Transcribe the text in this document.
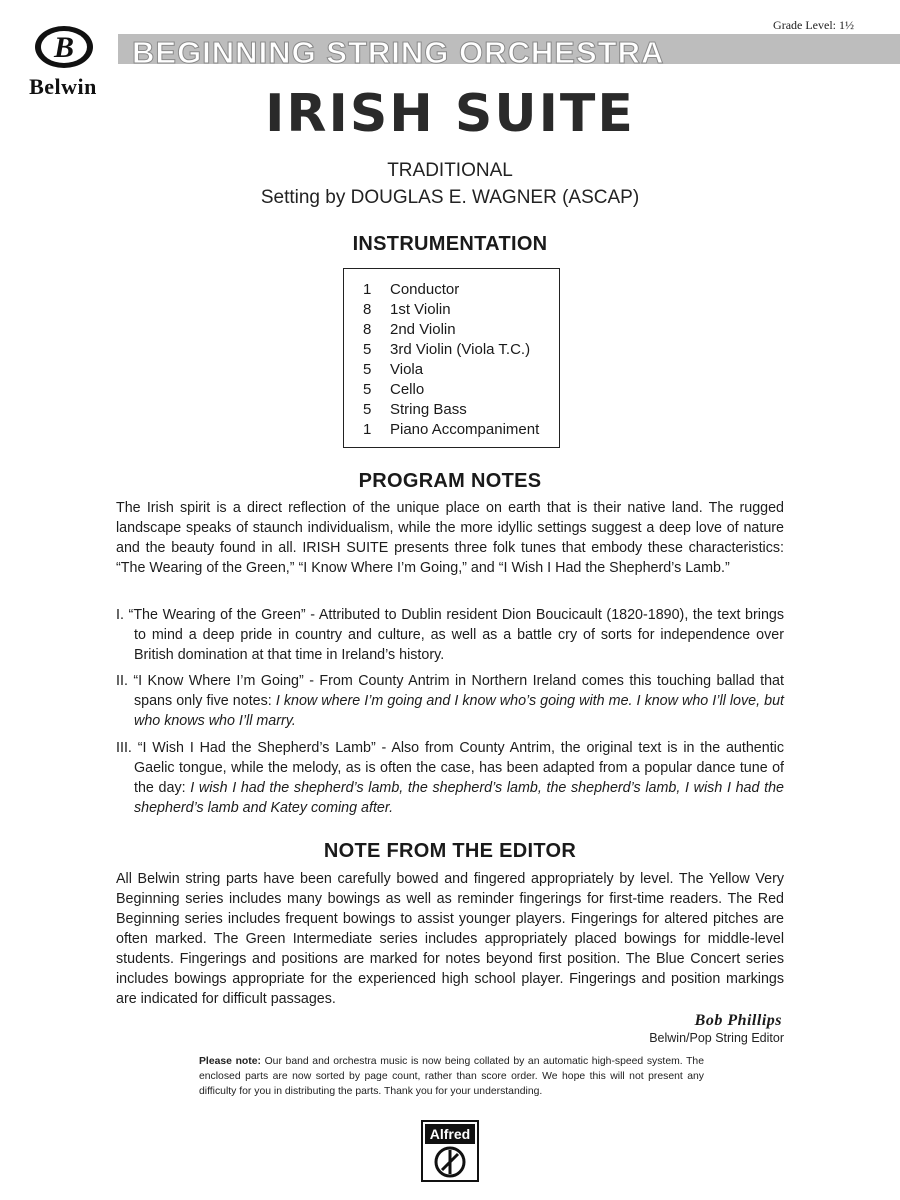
B
Belwin
Grade Level: 1½
BEGINNING STRING ORCHESTRA
IRISH SUITE
TRADITIONAL
Setting by DOUGLAS E. WAGNER (ASCAP)
INSTRUMENTATION
1 Conductor
8 1st Violin
8 2nd Violin
5 3rd Violin (Viola T.C.)
5 Viola
5 Cello
5 String Bass
1 Piano Accompaniment
PROGRAM NOTES
The Irish spirit is a direct reflection of the unique place on earth that is their native land. The rugged landscape speaks of staunch individualism, while the more idyllic settings suggest a deep love of nature and the beauty found in all. IRISH SUITE presents three folk tunes that embody these characteristics: “The Wearing of the Green,” “I Know Where I’m Going,” and “I Wish I Had the Shepherd’s Lamb.”
I. “The Wearing of the Green” - Attributed to Dublin resident Dion Boucicault (1820-1890), the text brings to mind a deep pride in country and culture, as well as a battle cry of sorts for independence over British domination at that time in Ireland’s history.
II. “I Know Where I’m Going” - From County Antrim in Northern Ireland comes this touching ballad that spans only five notes: I know where I’m going and I know who’s going with me. I know who I’ll love, but who knows who I’ll marry.
III. “I Wish I Had the Shepherd’s Lamb” - Also from County Antrim, the original text is in the authentic Gaelic tongue, while the melody, as is often the case, has been adapted from a popular dance tune of the day: I wish I had the shepherd’s lamb, the shepherd’s lamb, the shepherd’s lamb, I wish I had the shepherd’s lamb and Katey coming after.
NOTE FROM THE EDITOR
All Belwin string parts have been carefully bowed and fingered appropriately by level. The Yellow Very Beginning series includes many bowings as well as reminder fingerings for first-time readers. The Red Beginning series includes frequent bowings to assist younger players. Fingerings for altered pitches are often marked. The Green Intermediate series includes appropriately placed bowings for middle-level students. Fingerings and positions are marked for notes beyond first position. The Blue Concert series includes bowings appropriate for the experienced high school player. Fingerings and position markings are indicated for difficult passages.
Bob Phillips
Belwin/Pop String Editor
Please note: Our band and orchestra music is now being collated by an automatic high-speed system. The enclosed parts are now sorted by page count, rather than score order. We hope this will not present any difficulty for you in distributing the parts. Thank you for your understanding.
Alfred
